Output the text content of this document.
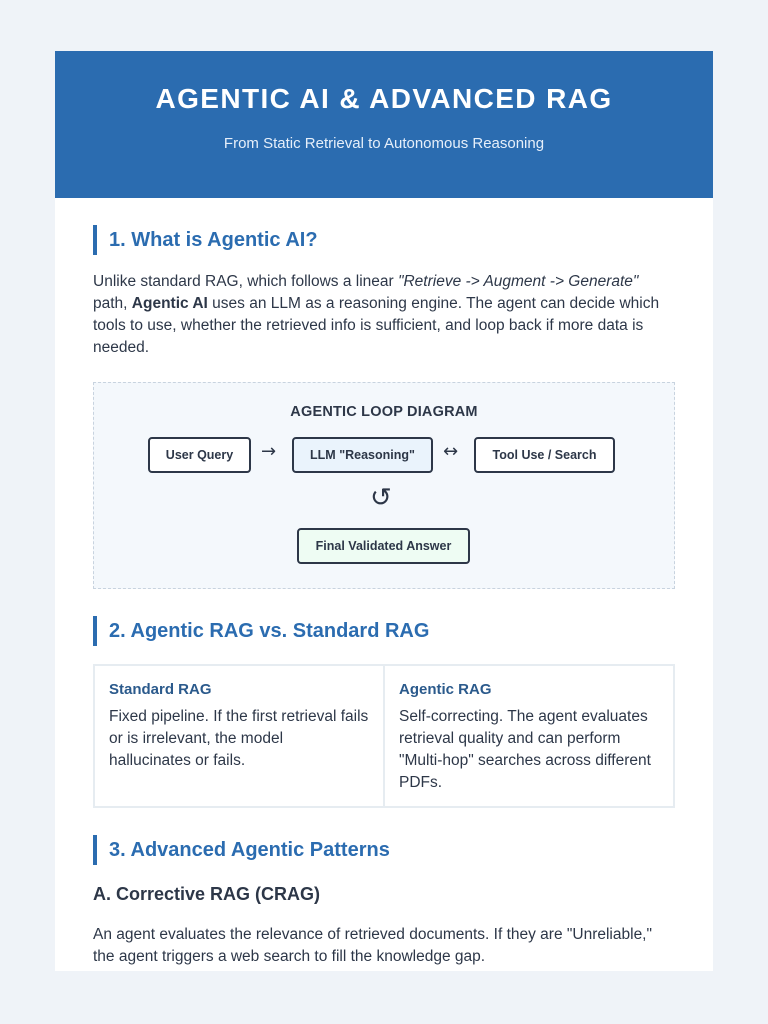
AGENTIC AI & ADVANCED RAG
From Static Retrieval to Autonomous Reasoning
1. What is Agentic AI?

Unlike standard RAG, which follows a linear "Retrieve -> Augment -> Generate" path, Agentic AI uses an LLM as a reasoning engine. The agent can decide which tools to use, whether the retrieved info is sufficient, and loop back if more data is needed.

AGENTIC LOOP DIAGRAM
User Query	→	LLM "Reasoning"	↔	Tool Use / Search
↺
Final Validated Answer
2. Agentic RAG vs. Standard RAG
Standard RAG

Fixed pipeline. If the first retrieval fails or is irrelevant, the model hallucinates or fails.

Agentic RAG

Self-correcting. The agent evaluates retrieval quality and can perform "Multi-hop" searches across different PDFs.

3. Advanced Agentic Patterns
A. Corrective RAG (CRAG)

An agent evaluates the relevance of retrieved documents. If they are "Unreliable," the agent triggers a web search to fill the knowledge gap.
